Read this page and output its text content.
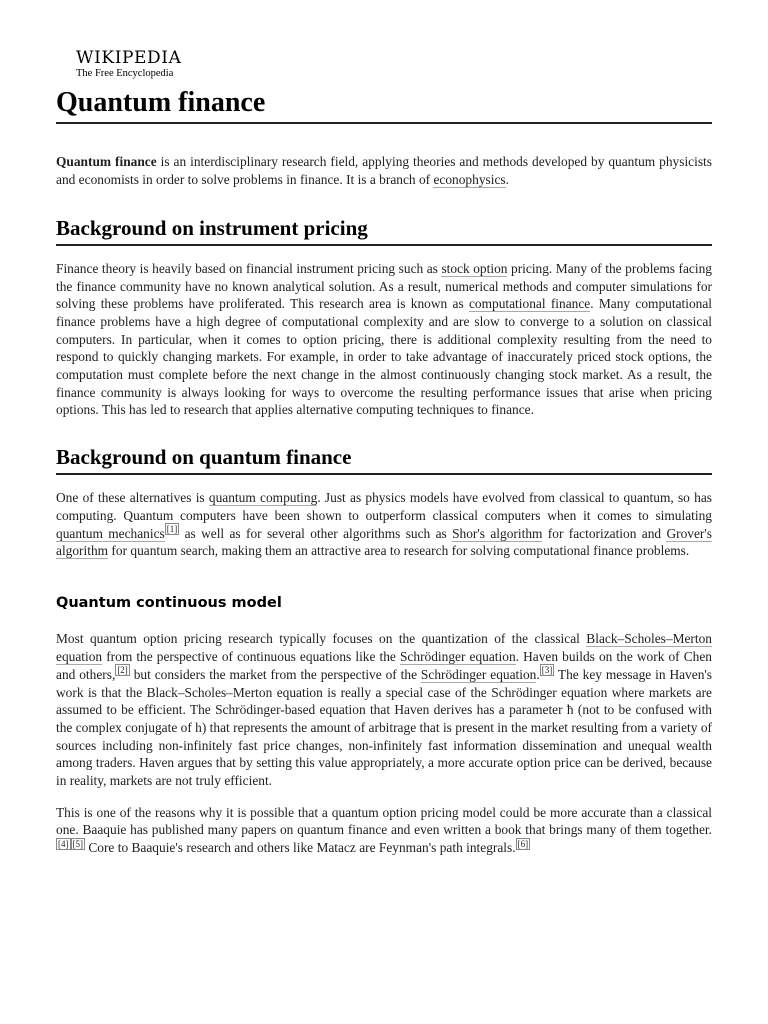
WIKIPEDIA
The Free Encyclopedia
Quantum finance

Quantum finance is an interdisciplinary research field, applying theories and methods developed by quantum physicists and economists in order to solve problems in finance. It is a branch of econophysics.

Background on instrument pricing

Finance theory is heavily based on financial instrument pricing such as stock option pricing. Many of the problems facing the finance community have no known analytical solution. As a result, numerical methods and computer simulations for solving these problems have proliferated. This research area is known as computational finance. Many computational finance problems have a high degree of computational complexity and are slow to converge to a solution on classical computers. In particular, when it comes to option pricing, there is additional complexity resulting from the need to respond to quickly changing markets. For example, in order to take advantage of inaccurately priced stock options, the computation must complete before the next change in the almost continuously changing stock market. As a result, the finance community is always looking for ways to overcome the resulting performance issues that arise when pricing options. This has led to research that applies alternative computing techniques to finance.

Background on quantum finance

One of these alternatives is quantum computing. Just as physics models have evolved from classical to quantum, so has computing. Quantum computers have been shown to outperform classical computers when it comes to simulating quantum mechanics [1] as well as for several other algorithms such as Shor's algorithm for factorization and Grover's algorithm for quantum search, making them an attractive area to research for solving computational finance problems.

Quantum continuous model

Most quantum option pricing research typically focuses on the quantization of the classical Black–Scholes–Merton equation from the perspective of continuous equations like the Schrödinger equation. Haven builds on the work of Chen and others, [2] but considers the market from the perspective of the Schrödinger equation. [3] The key message in Haven's work is that the Black–Scholes–Merton equation is really a special case of the Schrödinger equation where markets are assumed to be efficient. The Schrödinger-based equation that Haven derives has a parameter ħ (not to be confused with the complex conjugate of h) that represents the amount of arbitrage that is present in the market resulting from a variety of sources including non-infinitely fast price changes, non-infinitely fast information dissemination and unequal wealth among traders. Haven argues that by setting this value appropriately, a more accurate option price can be derived, because in reality, markets are not truly efficient.

This is one of the reasons why it is possible that a quantum option pricing model could be more accurate than a classical one. Baaquie has published many papers on quantum finance and even written a book that brings many of them together.[4] [5] Core to Baaquie's research and others like Matacz are Feynman's path integrals. [6]
